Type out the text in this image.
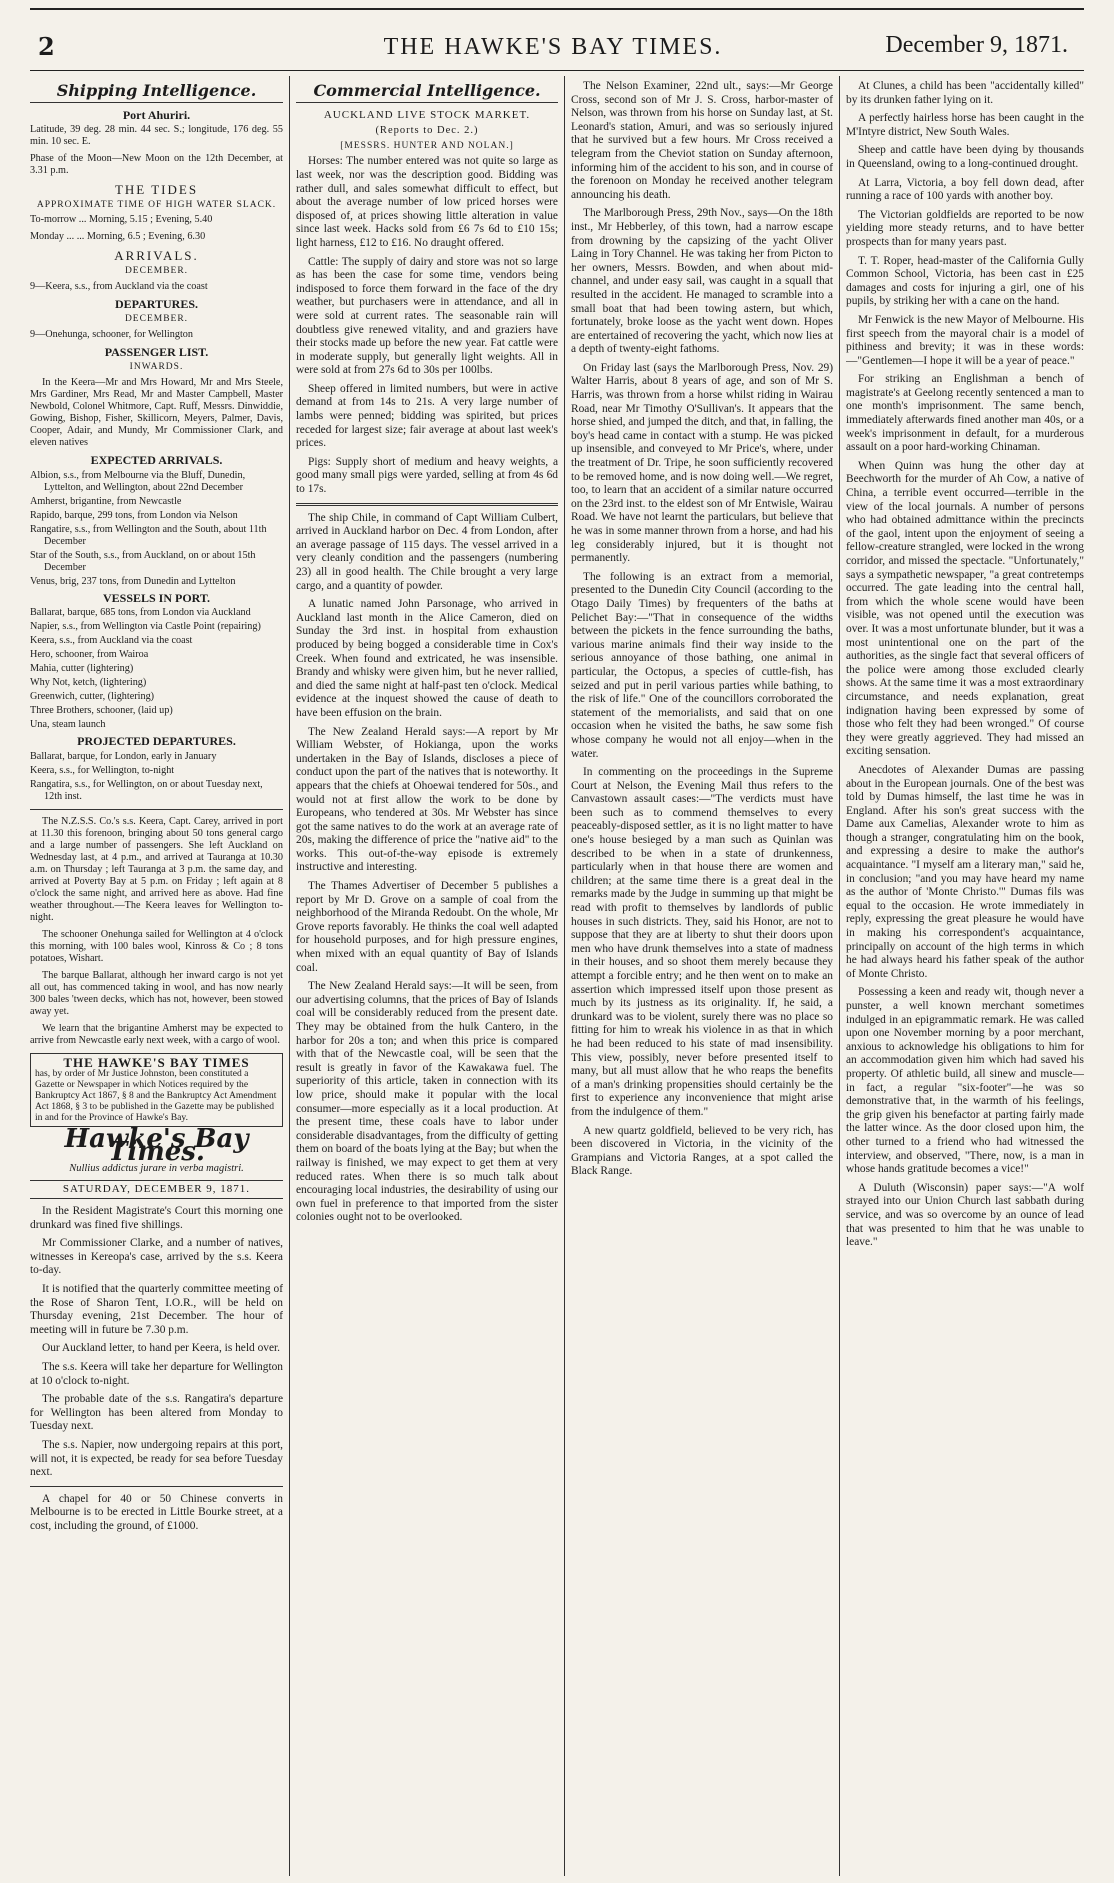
2	THE HAWKE'S BAY TIMES.	December 9, 1871.
Shipping Intelligence.
Port Ahuriri.

Latitude, 39 deg. 28 min. 44 sec. S.; longitude, 176 deg. 55 min. 10 sec. E.

Phase of the Moon—New Moon on the 12th December, at 3.31 p.m.

THE TIDES
APPROXIMATE TIME OF HIGH WATER SLACK.

To-morrow ... Morning, 5.15 ; Evening, 5.40

Monday ... ... Morning, 6.5 ; Evening, 6.30

ARRIVALS.
DECEMBER.

9—Keera, s.s., from Auckland via the coast

DEPARTURES.
DECEMBER.

9—Onehunga, schooner, for Wellington

PASSENGER LIST.
INWARDS.

In the Keera—Mr and Mrs Howard, Mr and Mrs Steele, Mrs Gardiner, Mrs Read, Mr and Master Campbell, Master Newbold, Colonel Whitmore, Capt. Ruff, Messrs. Dinwiddie, Gowing, Bishop, Fisher, Skillicorn, Meyers, Palmer, Davis, Cooper, Adair, and Mundy, Mr Commissioner Clark, and eleven natives

EXPECTED ARRIVALS.

Albion, s.s., from Melbourne via the Bluff, Dunedin, Lyttelton, and Wellington, about 22nd December

Amherst, brigantine, from Newcastle

Rapido, barque, 299 tons, from London via Nelson

Rangatire, s.s., from Wellington and the South, about 11th December

Star of the South, s.s., from Auckland, on or about 15th December

Venus, brig, 237 tons, from Dunedin and Lyttelton

VESSELS IN PORT.

Ballarat, barque, 685 tons, from London via Auckland

Napier, s.s., from Wellington via Castle Point (repairing)

Keera, s.s., from Auckland via the coast

Hero, schooner, from Wairoa

Mahia, cutter (lightering)

Why Not, ketch, (lightering)

Greenwich, cutter, (lightering)

Three Brothers, schooner, (laid up)

Una, steam launch

PROJECTED DEPARTURES.

Ballarat, barque, for London, early in January

Keera, s.s., for Wellington, to-night

Rangatira, s.s., for Wellington, on or about Tuesday next, 12th inst.

The N.Z.S.S. Co.'s s.s. Keera, Capt. Carey, arrived in port at 11.30 this forenoon, bringing about 50 tons general cargo and a large number of passengers. She left Auckland on Wednesday last, at 4 p.m., and arrived at Tauranga at 10.30 a.m. on Thursday ; left Tauranga at 3 p.m. the same day, and arrived at Poverty Bay at 5 p.m. on Friday ; left again at 8 o'clock the same night, and arrived here as above. Had fine weather throughout.—The Keera leaves for Wellington to-night.

The schooner Onehunga sailed for Wellington at 4 o'clock this morning, with 100 bales wool, Kinross & Co ; 8 tons potatoes, Wishart.

The barque Ballarat, although her inward cargo is not yet all out, has commenced taking in wool, and has now nearly 300 bales 'tween decks, which has not, however, been stowed away yet.

We learn that the brigantine Amherst may be expected to arrive from Newcastle early next week, with a cargo of wool.

THE HAWKE'S BAY TIMES
has, by order of Mr Justice Johnston, been constituted a Gazette or Newspaper in which Notices required by the Bankruptcy Act 1867, § 8 and the Bankruptcy Act Amendment Act 1868, § 3 to be published in the Gazette may be published in and for the Province of Hawke's Bay.
Hawke's Bay Times.
Nullius addictus jurare in verba magistri.
SATURDAY, DECEMBER 9, 1871.

In the Resident Magistrate's Court this morning one drunkard was fined five shillings.

Mr Commissioner Clarke, and a number of natives, witnesses in Kereopa's case, arrived by the s.s. Keera to-day.

It is notified that the quarterly committee meeting of the Rose of Sharon Tent, I.O.R., will be held on Thursday evening, 21st December. The hour of meeting will in future be 7.30 p.m.

Our Auckland letter, to hand per Keera, is held over.

The s.s. Keera will take her departure for Wellington at 10 o'clock to-night.

The probable date of the s.s. Rangatira's departure for Wellington has been altered from Monday to Tuesday next.

The s.s. Napier, now undergoing repairs at this port, will not, it is expected, be ready for sea before Tuesday next.

A chapel for 40 or 50 Chinese converts in Melbourne is to be erected in Little Bourke street, at a cost, including the ground, of £1000.

Commercial Intelligence.
AUCKLAND LIVE STOCK MARKET.
(Reports to Dec. 2.)
[MESSRS. HUNTER AND NOLAN.]

Horses: The number entered was not quite so large as last week, nor was the description good. Bidding was rather dull, and sales somewhat difficult to effect, but about the average number of low priced horses were disposed of, at prices showing little alteration in value since last week. Hacks sold from £6 7s 6d to £10 15s; light harness, £12 to £16. No draught offered.

Cattle: The supply of dairy and store was not so large as has been the case for some time, vendors being indisposed to force them forward in the face of the dry weather, but purchasers were in attendance, and all in were sold at current rates. The seasonable rain will doubtless give renewed vitality, and and graziers have their stocks made up before the new year. Fat cattle were in moderate supply, but generally light weights. All in were sold at from 27s 6d to 30s per 100lbs.

Sheep offered in limited numbers, but were in active demand at from 14s to 21s. A very large number of lambs were penned; bidding was spirited, but prices receded for largest size; fair average at about last week's prices.

Pigs: Supply short of medium and heavy weights, a good many small pigs were yarded, selling at from 4s 6d to 17s.

The ship Chile, in command of Capt William Culbert, arrived in Auckland harbor on Dec. 4 from London, after an average passage of 115 days. The vessel arrived in a very cleanly condition and the passengers (numbering 23) all in good health. The Chile brought a very large cargo, and a quantity of powder.

A lunatic named John Parsonage, who arrived in Auckland last month in the Alice Cameron, died on Sunday the 3rd inst. in hospital from exhaustion produced by being bogged a considerable time in Cox's Creek. When found and extricated, he was insensible. Brandy and whisky were given him, but he never rallied, and died the same night at half-past ten o'clock. Medical evidence at the inquest showed the cause of death to have been effusion on the brain.

The New Zealand Herald says:—A report by Mr William Webster, of Hokianga, upon the works undertaken in the Bay of Islands, discloses a piece of conduct upon the part of the natives that is noteworthy. It appears that the chiefs at Ohoewai tendered for 50s., and would not at first allow the work to be done by Europeans, who tendered at 30s. Mr Webster has since got the same natives to do the work at an average rate of 20s, making the difference of price the "native aid" to the works. This out-of-the-way episode is extremely instructive and interesting.

The Thames Advertiser of December 5 publishes a report by Mr D. Grove on a sample of coal from the neighborhood of the Miranda Redoubt. On the whole, Mr Grove reports favorably. He thinks the coal well adapted for household purposes, and for high pressure engines, when mixed with an equal quantity of Bay of Islands coal.

The New Zealand Herald says:—It will be seen, from our advertising columns, that the prices of Bay of Islands coal will be considerably reduced from the present date. They may be obtained from the hulk Cantero, in the harbor for 20s a ton; and when this price is compared with that of the Newcastle coal, will be seen that the result is greatly in favor of the Kawakawa fuel. The superiority of this article, taken in connection with its low price, should make it popular with the local consumer—more especially as it a local production. At the present time, these coals have to labor under considerable disadvantages, from the difficulty of getting them on board of the boats lying at the Bay; but when the railway is finished, we may expect to get them at very reduced rates. When there is so much talk about encouraging local industries, the desirability of using our own fuel in preference to that imported from the sister colonies ought not to be overlooked.

The Nelson Examiner, 22nd ult., says:—Mr George Cross, second son of Mr J. S. Cross, harbor-master of Nelson, was thrown from his horse on Sunday last, at St. Leonard's station, Amuri, and was so seriously injured that he survived but a few hours. Mr Cross received a telegram from the Cheviot station on Sunday afternoon, informing him of the accident to his son, and in course of the forenoon on Monday he received another telegram announcing his death.

The Marlborough Press, 29th Nov., says—On the 18th inst., Mr Hebberley, of this town, had a narrow escape from drowning by the capsizing of the yacht Oliver Laing in Tory Channel. He was taking her from Picton to her owners, Messrs. Bowden, and when about mid-channel, and under easy sail, was caught in a squall that resulted in the accident. He managed to scramble into a small boat that had been towing astern, but which, fortunately, broke loose as the yacht went down. Hopes are entertained of recovering the yacht, which now lies at a depth of twenty-eight fathoms.

On Friday last (says the Marlborough Press, Nov. 29) Walter Harris, about 8 years of age, and son of Mr S. Harris, was thrown from a horse whilst riding in Wairau Road, near Mr Timothy O'Sullivan's. It appears that the horse shied, and jumped the ditch, and that, in falling, the boy's head came in contact with a stump. He was picked up insensible, and conveyed to Mr Price's, where, under the treatment of Dr. Tripe, he soon sufficiently recovered to be removed home, and is now doing well.—We regret, too, to learn that an accident of a similar nature occurred on the 23rd inst. to the eldest son of Mr Entwisle, Wairau Road. We have not learnt the particulars, but believe that he was in some manner thrown from a horse, and had his leg considerably injured, but it is thought not permanently.

The following is an extract from a memorial, presented to the Dunedin City Council (according to the Otago Daily Times) by frequenters of the baths at Pelichet Bay:—"That in consequence of the widths between the pickets in the fence surrounding the baths, various marine animals find their way inside to the serious annoyance of those bathing, one animal in particular, the Octopus, a species of cuttle-fish, has seized and put in peril various parties while bathing, to the risk of life." One of the councillors corroborated the statement of the memorialists, and said that on one occasion when he visited the baths, he saw some fish whose company he would not all enjoy—when in the water.

In commenting on the proceedings in the Supreme Court at Nelson, the Evening Mail thus refers to the Canvastown assault cases:—"The verdicts must have been such as to commend themselves to every peaceably-disposed settler, as it is no light matter to have one's house besieged by a man such as Quinlan was described to be when in a state of drunkenness, particularly when in that house there are women and children; at the same time there is a great deal in the remarks made by the Judge in summing up that might be read with profit to themselves by landlords of public houses in such districts. They, said his Honor, are not to suppose that they are at liberty to shut their doors upon men who have drunk themselves into a state of madness in their houses, and so shoot them merely because they attempt a forcible entry; and he then went on to make an assertion which impressed itself upon those present as much by its justness as its originality. If, he said, a drunkard was to be violent, surely there was no place so fitting for him to wreak his violence in as that in which he had been reduced to his state of mad insensibility. This view, possibly, never before presented itself to many, but all must allow that he who reaps the benefits of a man's drinking propensities should certainly be the first to experience any inconvenience that might arise from the indulgence of them."

A new quartz goldfield, believed to be very rich, has been discovered in Victoria, in the vicinity of the Grampians and Victoria Ranges, at a spot called the Black Range.

At Clunes, a child has been "accidentally killed" by its drunken father lying on it.

A perfectly hairless horse has been caught in the M'Intyre district, New South Wales.

Sheep and cattle have been dying by thousands in Queensland, owing to a long-continued drought.

At Larra, Victoria, a boy fell down dead, after running a race of 100 yards with another boy.

The Victorian goldfields are reported to be now yielding more steady returns, and to have better prospects than for many years past.

T. T. Roper, head-master of the California Gully Common School, Victoria, has been cast in £25 damages and costs for injuring a girl, one of his pupils, by striking her with a cane on the hand.

Mr Fenwick is the new Mayor of Melbourne. His first speech from the mayoral chair is a model of pithiness and brevity; it was in these words:—"Gentlemen—I hope it will be a year of peace."

For striking an Englishman a bench of magistrate's at Geelong recently sentenced a man to one month's imprisonment. The same bench, immediately afterwards fined another man 40s, or a week's imprisonment in default, for a murderous assault on a poor hard-working Chinaman.

When Quinn was hung the other day at Beechworth for the murder of Ah Cow, a native of China, a terrible event occurred—terrible in the view of the local journals. A number of persons who had obtained admittance within the precincts of the gaol, intent upon the enjoyment of seeing a fellow-creature strangled, were locked in the wrong corridor, and missed the spectacle. "Unfortunately," says a sympathetic newspaper, "a great contretemps occurred. The gate leading into the central hall, from which the whole scene would have been visible, was not opened until the execution was over. It was a most unfortunate blunder, but it was a most unintentional one on the part of the authorities, as the single fact that several officers of the police were among those excluded clearly shows. At the same time it was a most extraordinary circumstance, and needs explanation, great indignation having been expressed by some of those who felt they had been wronged." Of course they were greatly aggrieved. They had missed an exciting sensation.

Anecdotes of Alexander Dumas are passing about in the European journals. One of the best was told by Dumas himself, the last time he was in England. After his son's great success with the Dame aux Camelias, Alexander wrote to him as though a stranger, congratulating him on the book, and expressing a desire to make the author's acquaintance. "I myself am a literary man," said he, in conclusion; "and you may have heard my name as the author of 'Monte Christo.'" Dumas fils was equal to the occasion. He wrote immediately in reply, expressing the great pleasure he would have in making his correspondent's acquaintance, principally on account of the high terms in which he had always heard his father speak of the author of Monte Christo.

Possessing a keen and ready wit, though never a punster, a well known merchant sometimes indulged in an epigrammatic remark. He was called upon one November morning by a poor merchant, anxious to acknowledge his obligations to him for an accommodation given him which had saved his property. Of athletic build, all sinew and muscle—in fact, a regular "six-footer"—he was so demonstrative that, in the warmth of his feelings, the grip given his benefactor at parting fairly made the latter wince. As the door closed upon him, the other turned to a friend who had witnessed the interview, and observed, "There, now, is a man in whose hands gratitude becomes a vice!"

A Duluth (Wisconsin) paper says:—"A wolf strayed into our Union Church last sabbath during service, and was so overcome by an ounce of lead that was presented to him that he was unable to leave."
